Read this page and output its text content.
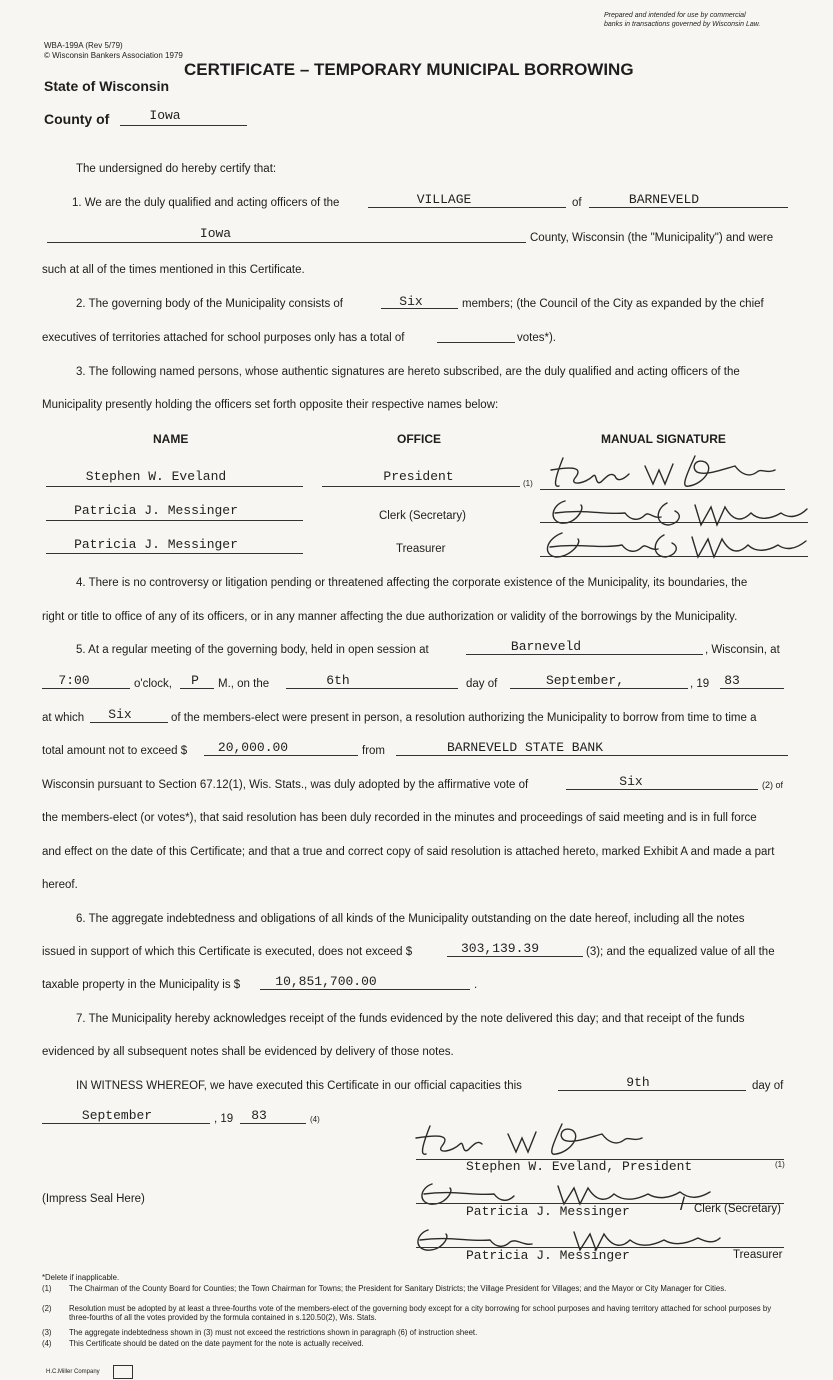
Prepared and intended for use by commercial
banks in transactions governed by Wisconsin Law.
WBA-199A (Rev 5/79)
© Wisconsin Bankers Association 1979
CERTIFICATE – TEMPORARY MUNICIPAL BORROWING
State of Wisconsin
County of	Iowa
The undersigned do hereby certify that:
1. We are the duly qualified and acting officers of the	VILLAGE	of	BARNEVELD
Iowa	County, Wisconsin (the "Municipality") and were
such at all of the times mentioned in this Certificate.
2. The governing body of the Municipality consists of	Six	members; (the Council of the City as expanded by the chief
executives of territories attached for school purposes only has a total of	votes*).
3. The following named persons, whose authentic signatures are hereto subscribed, are the duly qualified and acting officers of the
Municipality presently holding the officers set forth opposite their respective names below:
NAME	OFFICE	MANUAL SIGNATURE
Stephen W. Eveland	President	(1)
Patricia J. Messinger	Clerk (Secretary)
Patricia J. Messinger	Treasurer
4. There is no controversy or litigation pending or threatened affecting the corporate existence of the Municipality, its boundaries, the
right or title to office of any of its officers, or in any manner affecting the due authorization or validity of the borrowings by the Municipality.
5. At a regular meeting of the governing body, held in open session at	Barneveld	, Wisconsin, at
7:00	o'clock,	P	M., on the	6th	day of	September,	, 19	83
at which	Six	of the members-elect were present in person, a resolution authorizing the Municipality to borrow from time to time a
total amount not to exceed $	20,000.00	from	BARNEVELD STATE BANK
Wisconsin pursuant to Section 67.12(1), Wis. Stats., was duly adopted by the affirmative vote of	Six	(2) of
the members-elect (or votes*), that said resolution has been duly recorded in the minutes and proceedings of said meeting and is in full force
and effect on the date of this Certificate; and that a true and correct copy of said resolution is attached hereto, marked Exhibit A and made a part
hereof.
6. The aggregate indebtedness and obligations of all kinds of the Municipality outstanding on the date hereof, including all the notes
issued in support of which this Certificate is executed, does not exceed $	303,139.39	(3); and the equalized value of all the
taxable property in the Municipality is $	10,851,700.00	.
7. The Municipality hereby acknowledges receipt of the funds evidenced by the note delivered this day; and that receipt of the funds
evidenced by all subsequent notes shall be evidenced by delivery of those notes.
IN WITNESS WHEREOF, we have executed this Certificate in our official capacities this	9th	day of
September	, 19	83	(4)
(Impress Seal Here)
Stephen W. Eveland, President	(1)
Patricia J. Messinger	/ Clerk (Secretary)
Patricia J. Messinger	Treasurer
*Delete if inapplicable.
(1)	The Chairman of the County Board for Counties; the Town Chairman for Towns; the President for Sanitary Districts; the Village President for Villages; and the Mayor or City Manager for Cities.
(2)	Resolution must be adopted by at least a three-fourths vote of the members-elect of the governing body except for a city borrowing for school purposes and having territory attached for school purposes by three-fourths of all the votes provided by the formula contained in s.120.50(2), Wis. Stats.
(3)	The aggregate indebtedness shown in (3) must not exceed the restrictions shown in paragraph (6) of instruction sheet.
(4)	This Certificate should be dated on the date payment for the note is actually received.
H.C.Miller Company
